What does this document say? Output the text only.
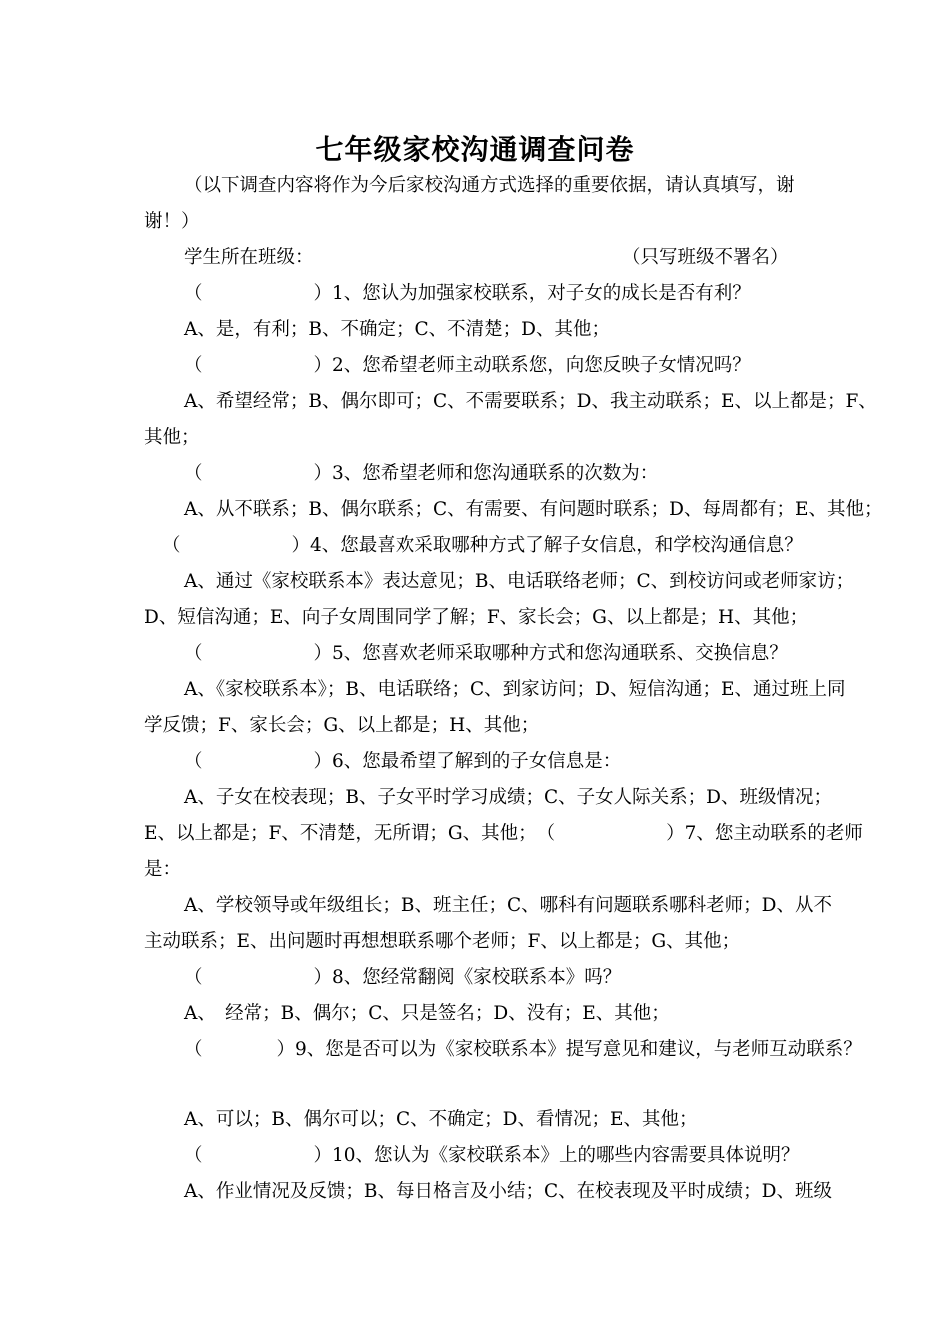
七年级家校沟通调查问卷
（以下调查内容将作为今后家校沟通方式选择的重要依据，请认真填写，谢
谢！）
学生所在班级：	（只写班级不署名）
（　　　　　　）1、您认为加强家校联系，对子女的成长是否有利？
A、是，有利；B、不确定；C、不清楚；D、其他；
（　　　　　　）2、您希望老师主动联系您，向您反映子女情况吗？
A、希望经常；B、偶尔即可；C、不需要联系；D、我主动联系；E、以上都是；F、
其他；
（　　　　　　）3、您希望老师和您沟通联系的次数为：
A、从不联系；B、偶尔联系；C、有需要、有问题时联系；D、每周都有；E、其他；
（　　　　　　）4、您最喜欢采取哪种方式了解子女信息，和学校沟通信息？
A、通过《家校联系本》表达意见；B、电话联络老师；C、到校访问或老师家访；
D、短信沟通；E、向子女周围同学了解；F、家长会；G、以上都是；H、其他；
（　　　　　　）5、您喜欢老师采取哪种方式和您沟通联系、交换信息？
A、《家校联系本》；B、电话联络；C、到家访问；D、短信沟通；E、通过班上同
学反馈；F、家长会；G、以上都是；H、其他；
（　　　　　　）6、您最希望了解到的子女信息是：
A、子女在校表现；B、子女平时学习成绩；C、子女人际关系；D、班级情况；
E、以上都是；F、不清楚，无所谓；G、其他；　（　　　　　　）7、您主动联系的老师
是：
A、学校领导或年级组长；B、班主任；C、哪科有问题联系哪科老师；D、从不
主动联系；E、出问题时再想想联系哪个老师；F、以上都是；G、其他；
（　　　　　　）8、您经常翻阅《家校联系本》吗？
A、　经常；B、偶尔；C、只是签名；D、没有；E、其他；
（　　　　）9、您是否可以为《家校联系本》提写意见和建议，与老师互动联系？
A、可以；B、偶尔可以；C、不确定；D、看情况；E、其他；
（　　　　　　）10、您认为《家校联系本》上的哪些内容需要具体说明？
A、作业情况及反馈；B、每日格言及小结；C、在校表现及平时成绩；D、班级
